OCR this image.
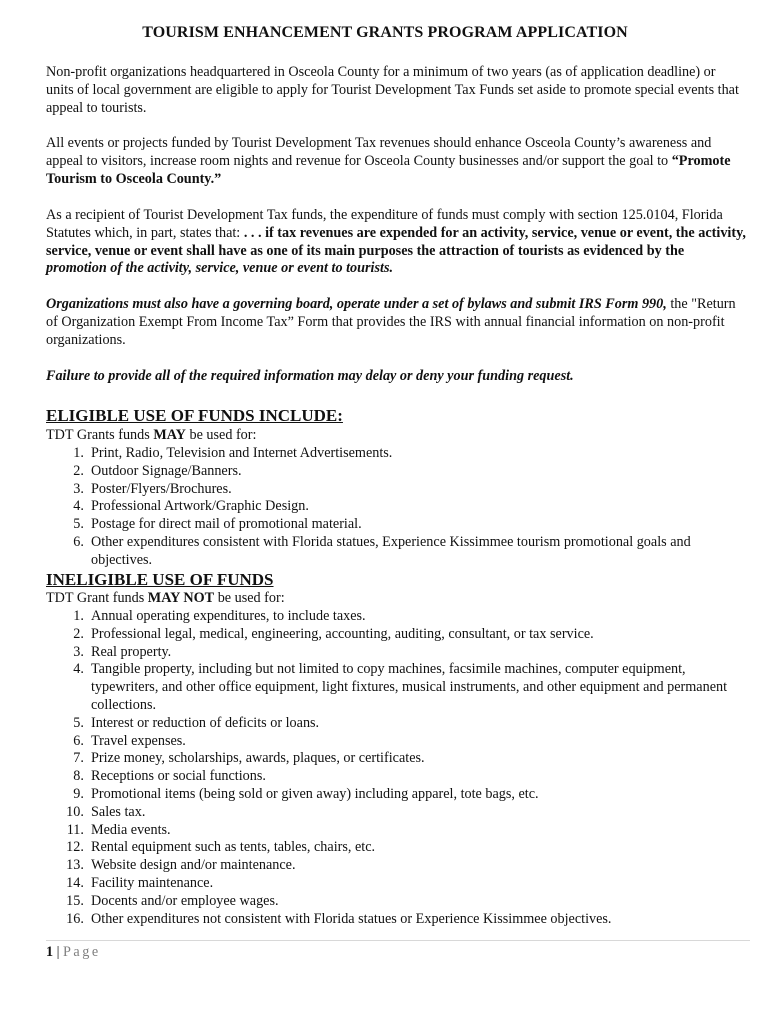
TOURISM ENHANCEMENT GRANTS PROGRAM APPLICATION
Non-profit organizations headquartered in Osceola County for a minimum of two years (as of application deadline) or units of local government are eligible to apply for Tourist Development Tax Funds set aside to promote special events that appeal to tourists.
All events or projects funded by Tourist Development Tax revenues should enhance Osceola County’s awareness and appeal to visitors, increase room nights and revenue for Osceola County businesses and/or support the goal to “Promote Tourism to Osceola County.”
As a recipient of Tourist Development Tax funds, the expenditure of funds must comply with section 125.0104, Florida Statutes which, in part, states that: . . . if tax revenues are expended for an activity, service, venue or event, the activity, service, venue or event shall have as one of its main purposes the attraction of tourists as evidenced by the promotion of the activity, service, venue or event to tourists.
Organizations must also have a governing board, operate under a set of bylaws and submit IRS Form 990, the "Return of Organization Exempt From Income Tax” Form that provides the IRS with annual financial information on non-profit organizations.
Failure to provide all of the required information may delay or deny your funding request.
ELIGIBLE USE OF FUNDS INCLUDE:
TDT Grants funds MAY be used for:
1. Print, Radio, Television and Internet Advertisements.
2. Outdoor Signage/Banners.
3. Poster/Flyers/Brochures.
4. Professional Artwork/Graphic Design.
5. Postage for direct mail of promotional material.
6. Other expenditures consistent with Florida statues, Experience Kissimmee tourism promotional goals and objectives.
INELIGIBLE USE OF FUNDS
TDT Grant funds MAY NOT be used for:
1. Annual operating expenditures, to include taxes.
2. Professional legal, medical, engineering, accounting, auditing, consultant, or tax service.
3. Real property.
4. Tangible property, including but not limited to copy machines, facsimile machines, computer equipment, typewriters, and other office equipment, light fixtures, musical instruments, and other equipment and permanent collections.
5. Interest or reduction of deficits or loans.
6. Travel expenses.
7. Prize money, scholarships, awards, plaques, or certificates.
8. Receptions or social functions.
9. Promotional items (being sold or given away) including apparel, tote bags, etc.
10. Sales tax.
11. Media events.
12. Rental equipment such as tents, tables, chairs, etc.
13. Website design and/or maintenance.
14. Facility maintenance.
15. Docents and/or employee wages.
16. Other expenditures not consistent with Florida statues or Experience Kissimmee objectives.
1 | Page
